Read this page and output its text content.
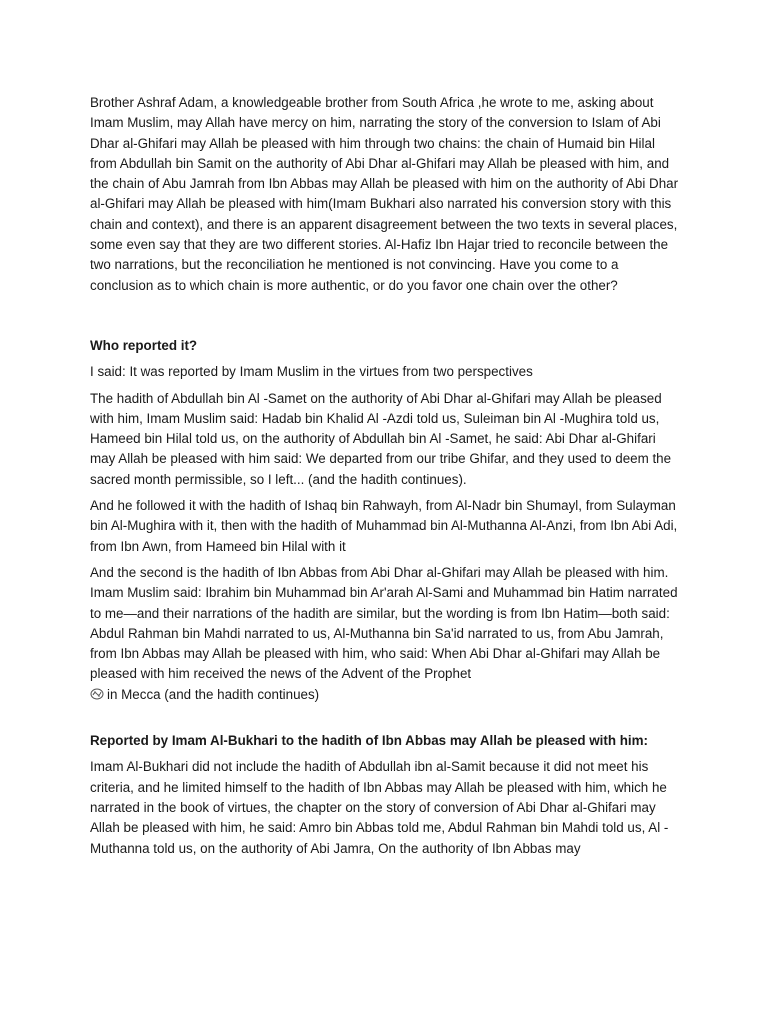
Brother Ashraf Adam, a knowledgeable brother from South Africa ,he wrote to me, asking about Imam Muslim, may Allah have mercy on him, narrating the story of the conversion to Islam of Abi Dhar al-Ghifari may Allah be pleased with him through two chains: the chain of Humaid bin Hilal from Abdullah bin Samit on the authority of Abi Dhar al-Ghifari may Allah be pleased with him, and the chain of Abu Jamrah from Ibn Abbas may Allah be pleased with him on the authority of Abi Dhar al-Ghifari may Allah be pleased with him(Imam Bukhari also narrated his conversion story with this chain and context), and there is an apparent disagreement between the two texts in several places, some even say that they are two different stories. Al-Hafiz Ibn Hajar tried to reconcile between the two narrations, but the reconciliation he mentioned is not convincing. Have you come to a conclusion as to which chain is more authentic, or do you favor one chain over the other?

Who reported it?

I said: It was reported by Imam Muslim in the virtues from two perspectives

The hadith of Abdullah bin Al -Samet on the authority of Abi Dhar al-Ghifari may Allah be pleased with him, Imam Muslim said: Hadab bin Khalid Al -Azdi told us, Suleiman bin Al -Mughira told us, Hameed bin Hilal told us, on the authority of Abdullah bin Al -Samet, he said: Abi Dhar al-Ghifari may Allah be pleased with him said: We departed from our tribe Ghifar, and they used to deem the sacred month permissible, so I left... (and the hadith continues).

And he followed it with the hadith of Ishaq bin Rahwayh, from Al-Nadr bin Shumayl, from Sulayman bin Al-Mughira with it, then with the hadith of Muhammad bin Al-Muthanna Al-Anzi, from Ibn Abi Adi, from Ibn Awn, from Hameed bin Hilal with it

And the second is the hadith of Ibn Abbas from Abi Dhar al-Ghifari may Allah be pleased with him. Imam Muslim said: Ibrahim bin Muhammad bin Ar'arah Al-Sami and Muhammad bin Hatim narrated to me—and their narrations of the hadith are similar, but the wording is from Ibn Hatim—both said: Abdul Rahman bin Mahdi narrated to us, Al-Muthanna bin Sa'id narrated to us, from Abu Jamrah, from Ibn Abbas may Allah be pleased with him, who said: When Abi Dhar al-Ghifari may Allah be pleased with him received the news of the Advent of the Prophet
in Mecca (and the hadith continues)

Reported by Imam Al-Bukhari to the hadith of Ibn Abbas may Allah be pleased with him:

Imam Al-Bukhari did not include the hadith of Abdullah ibn al-Samit because it did not meet his criteria, and he limited himself to the hadith of Ibn Abbas may Allah be pleased with him, which he narrated in the book of virtues, the chapter on the story of conversion of Abi Dhar al-Ghifari may Allah be pleased with him, he said: Amro bin Abbas told me, Abdul Rahman bin Mahdi told us, Al -Muthanna told us, on the authority of Abi Jamra, On the authority of Ibn Abbas may
